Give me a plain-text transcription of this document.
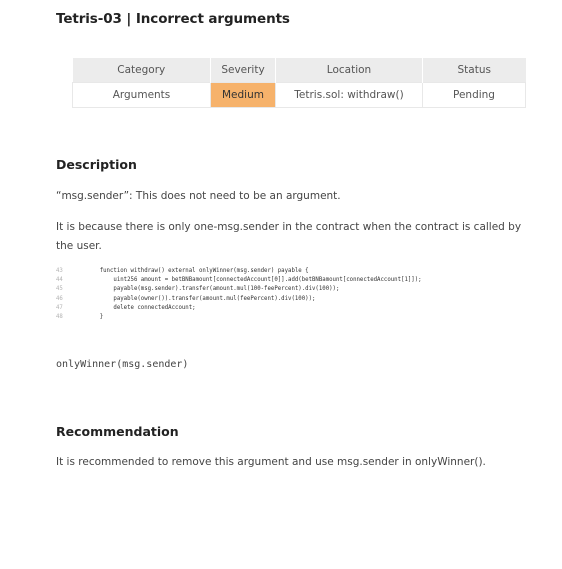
Tetris-03 | Incorrect arguments
Category	Severity	Location	Status
Arguments	Medium	Tetris.sol: withdraw()	Pending
Description
“msg.sender”: This does not need to be an argument.
It is because there is only one-msg.sender in the contract when the contract is called by the user.
43	function withdraw() external onlyWinner(msg.sender) payable {
44	uint256 amount = betBNBamount[connectedAccount[0]].add(betBNBamount[connectedAccount[1]]);
45	payable(msg.sender).transfer(amount.mul(100-feePercent).div(100));
46	payable(owner()).transfer(amount.mul(feePercent).div(100));
47	delete connectedAccount;
48	}
onlyWinner(msg.sender)
Recommendation
It is recommended to remove this argument and use msg.sender in onlyWinner().
